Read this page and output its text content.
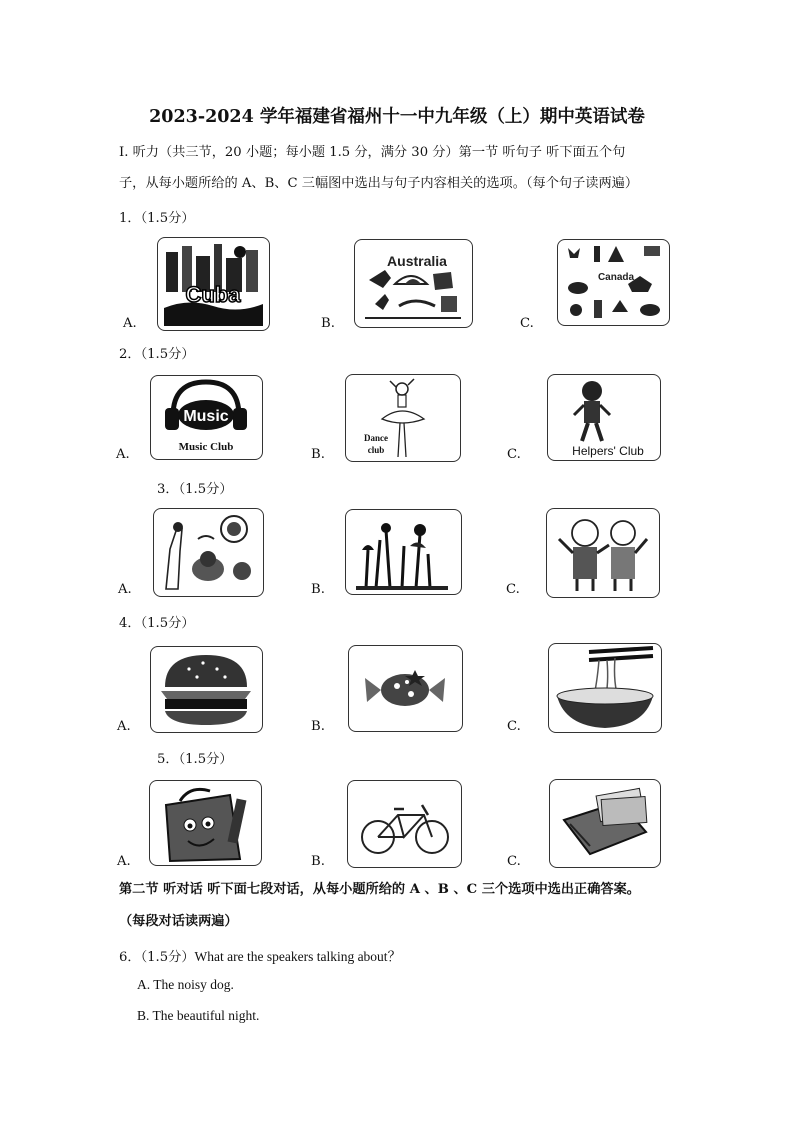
2023-2024 学年福建省福州十一中九年级（上）期中英语试卷
I. 听力（共三节，20 小题；每小题 1.5 分，满分 30 分）第一节 听句子 听下面五个句
子，从每小题所给的 A、B、C 三幅图中选出与句子内容相关的选项。（每个句子读两遍）
1．（1.5分）
Cuba
A.
Australia
B.
Canada
C.
2．（1.5分）
Music
Music Club
A.
Dance
club
B.	Helpers' Club
C.
3．（1.5分）
A.	B.	C.
4．（1.5分）
A.	B.	C.
5．（1.5分）
A.	B.	C.
第二节 听对话 听下面七段对话，从每小题所给的 A 、B 、C 三个选项中选出正确答案。
（每段对话读两遍）
6．（1.5分）What are the speakers talking about？
A. The noisy dog.
B. The beautiful night.
